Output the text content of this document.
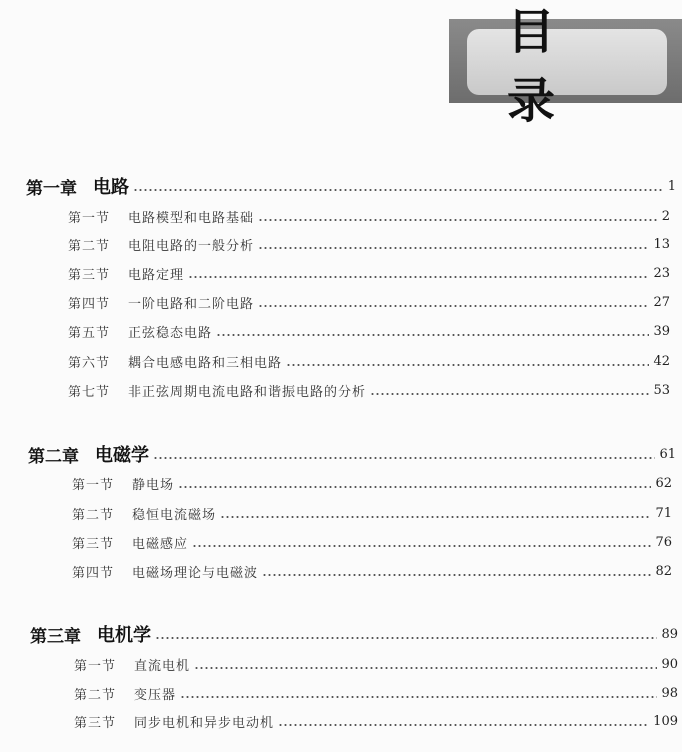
目 录
第一章 电路	1
第一节 电路模型和电路基础	2
第二节 电阻电路的一般分析	13
第三节 电路定理	23
第四节 一阶电路和二阶电路	27
第五节 正弦稳态电路	39
第六节 耦合电感电路和三相电路	42
第七节 非正弦周期电流电路和谐振电路的分析	53
第二章 电磁学	61
第一节 静电场	62
第二节 稳恒电流磁场	71
第三节 电磁感应	76
第四节 电磁场理论与电磁波	82
第三章 电机学	89
第一节 直流电机	90
第二节 变压器	98
第三节 同步电机和异步电动机	109
